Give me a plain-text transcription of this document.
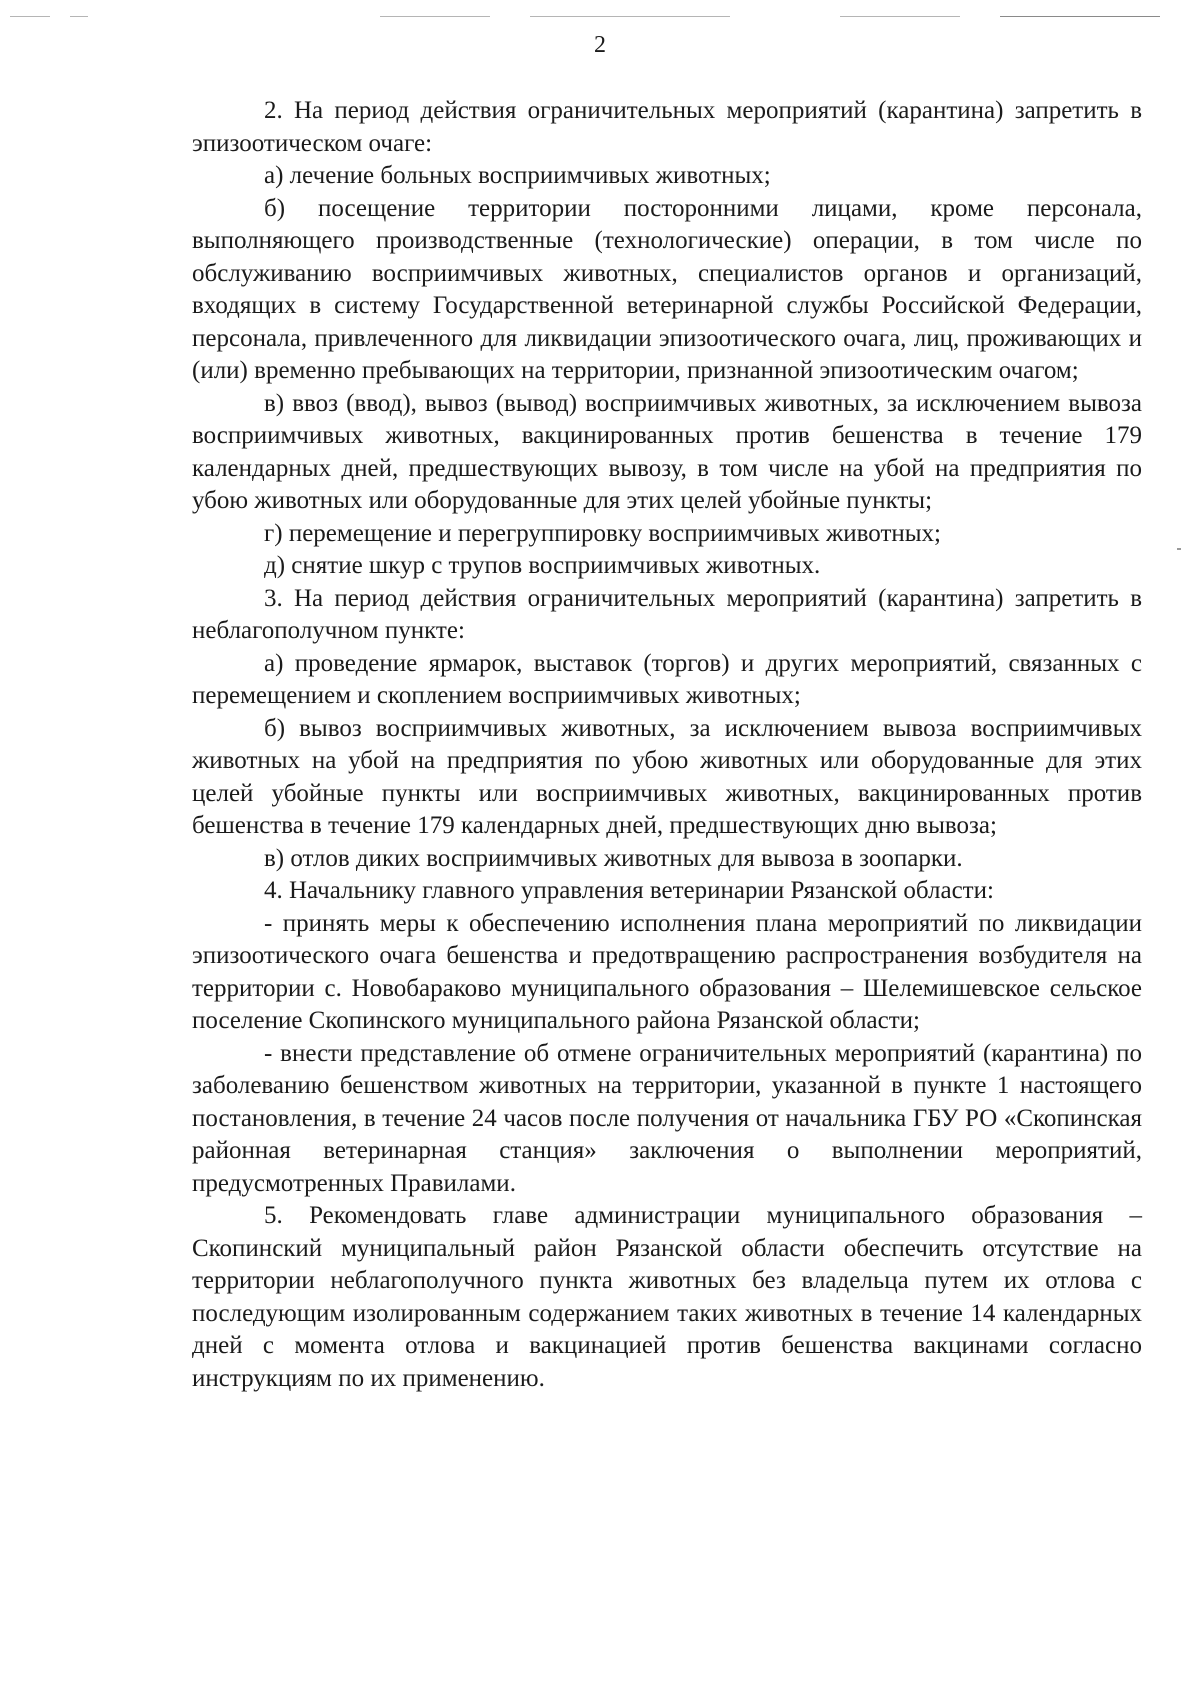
2

2. На период действия ограничительных мероприятий (карантина) запретить в эпизоотическом очаге:

а) лечение больных восприимчивых животных;

б) посещение территории посторонними лицами, кроме персонала, выполняющего производственные (технологические) операции, в том числе по обслуживанию восприимчивых животных, специалистов органов и организаций, входящих в систему Государственной ветеринарной службы Российской Федерации, персонала, привлеченного для ликвидации эпизоотического очага, лиц, проживающих и (или) временно пребывающих на территории, признанной эпизоотическим очагом;

в) ввоз (ввод), вывоз (вывод) восприимчивых животных, за исключением вывоза восприимчивых животных, вакцинированных против бешенства в течение 179 календарных дней, предшествующих вывозу, в том числе на убой на предприятия по убою животных или оборудованные для этих целей убойные пункты;

г) перемещение и перегруппировку восприимчивых животных;

д) снятие шкур с трупов восприимчивых животных.

3. На период действия ограничительных мероприятий (карантина) запретить в неблагополучном пункте:

а) проведение ярмарок, выставок (торгов) и других мероприятий, связанных с перемещением и скоплением восприимчивых животных;

б) вывоз восприимчивых животных, за исключением вывоза восприимчивых животных на убой на предприятия по убою животных или оборудованные для этих целей убойные пункты или восприимчивых животных, вакцинированных против бешенства в течение 179 календарных дней, предшествующих дню вывоза;

в) отлов диких восприимчивых животных для вывоза в зоопарки.

4. Начальнику главного управления ветеринарии Рязанской области:

- принять меры к обеспечению исполнения плана мероприятий по ликвидации эпизоотического очага бешенства и предотвращению распространения возбудителя на территории с. Новобараково муниципального образования – Шелемишевское сельское поселение Скопинского муниципального района Рязанской области;

- внести представление об отмене ограничительных мероприятий (карантина) по заболеванию бешенством животных на территории, указанной в пункте 1 настоящего постановления, в течение 24 часов после получения от начальника ГБУ РО «Скопинская районная ветеринарная станция» заключения о выполнении мероприятий, предусмотренных Правилами.

5. Рекомендовать главе администрации муниципального образования – Скопинский муниципальный район Рязанской области обеспечить отсутствие на территории неблагополучного пункта животных без владельца путем их отлова с последующим изолированным содержанием таких животных в течение 14 календарных дней с момента отлова и вакцинацией против бешенства вакцинами согласно инструкциям по их применению.
